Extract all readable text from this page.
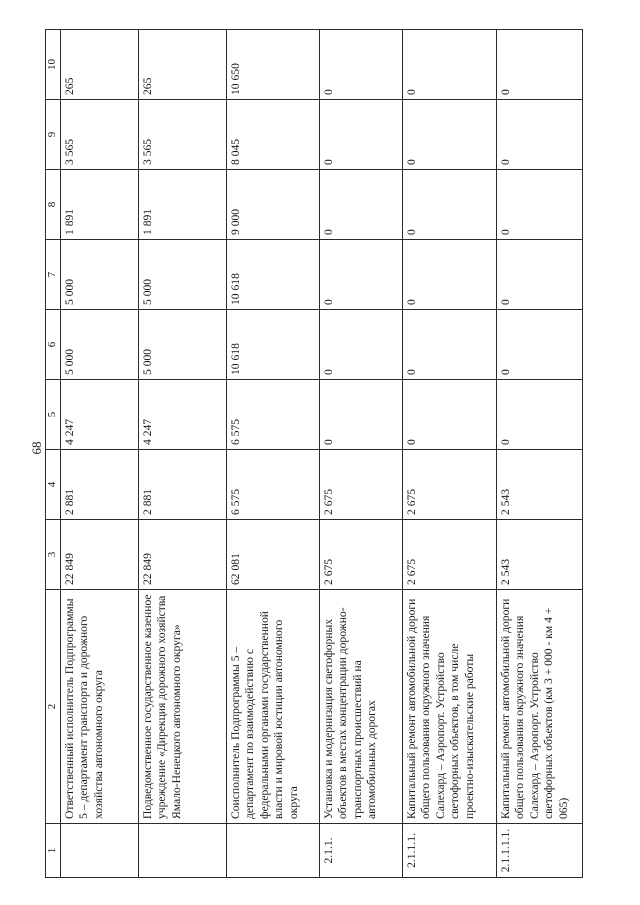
68
1	2	3	4	5	6	7	8	9	10
	Ответственный исполнитель Подпрограммы 5 – департамент транспорта и дорожного хозяйства автономного округа	22 849	2 881	4 247	5 000	5 000	1 891	3 565	265
	Подведомственное государственное казенное учреждение «Дирекция дорожного хозяйства Ямало-Ненецкого автономного округа»	22 849	2 881	4 247	5 000	5 000	1 891	3 565	265
	Соисполнитель Подпрограммы 5 – департамент по взаимодействию с федеральными органами государственной власти и мировой юстиции автономного округа	62 081	6 575	6 575	10 618	10 618	9 000	8 045	10 650
2.1.1.	Установка и модернизация светофорных объектов в местах концентрации дорожно-транспортных происшествий на автомобильных дорогах	2 675	2 675	0	0	0	0	0	0
2.1.1.1.	Капитальный ремонт автомобильной дороги общего пользования окружного значения Салехард – Аэропорт. Устройство светофорных объектов, в том числе проектно-изыскательские работы	2 675	2 675	0	0	0	0	0	0
2.1.1.1.1.	Капитальный ремонт автомобильной дороги общего пользования окружного значения Салехард – Аэропорт. Устройство светофорных объектов (км 3 + 000 - км 4 + 065)	2 543	2 543	0	0	0	0	0	0
